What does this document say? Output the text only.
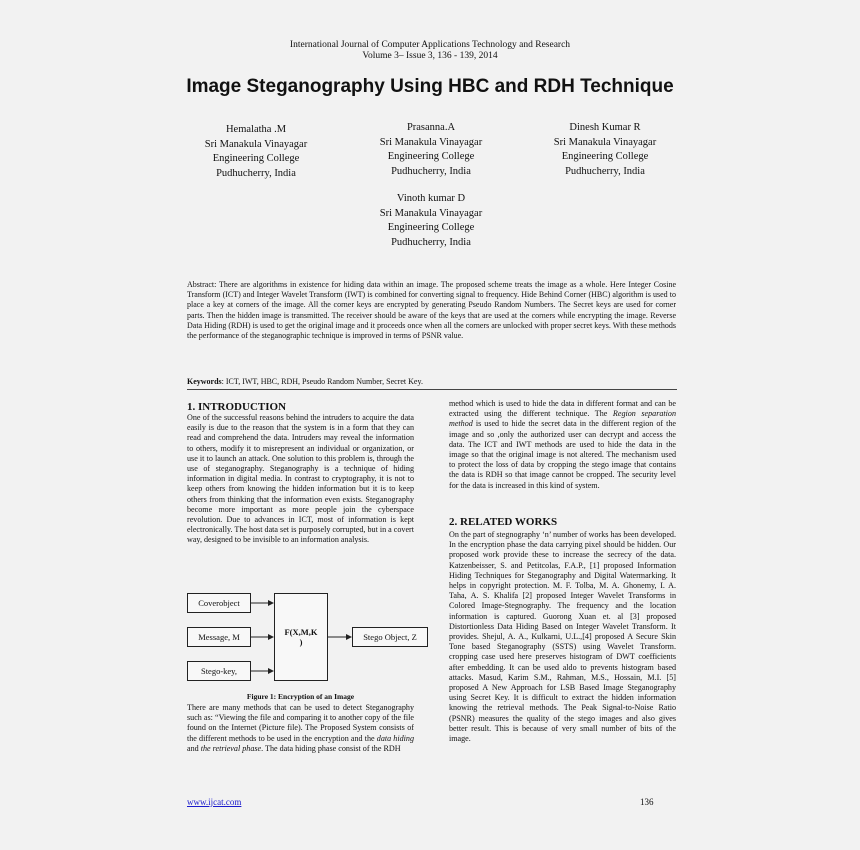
International Journal of Computer Applications Technology and Research
Volume 3– Issue 3, 136 - 139, 2014
Image Steganography Using HBC and RDH Technique
Hemalatha .M
Sri Manakula Vinayagar
Engineering College
Pudhucherry, India
Prasanna.A
Sri Manakula Vinayagar
Engineering College
Pudhucherry, India
Dinesh Kumar R
Sri Manakula Vinayagar
Engineering College
Pudhucherry, India
Vinoth kumar D
Sri Manakula Vinayagar
Engineering College
Pudhucherry, India
Abstract: There are algorithms in existence for hiding data within an image. The proposed scheme treats the image as a whole. Here Integer Cosine Transform (ICT) and Integer Wavelet Transform (IWT) is combined for converting signal to frequency. Hide Behind Corner (HBC) algorithm is used to place a key at corners of the image. All the corner keys are encrypted by generating Pseudo Random Numbers. The Secret keys are used for corner parts. Then the hidden image is transmitted. The receiver should be aware of the keys that are used at the corners while encrypting the image. Reverse Data Hiding (RDH) is used to get the original image and it proceeds once when all the corners are unlocked with proper secret keys. With these methods the performance of the steganographic technique is improved in terms of PSNR value.
Keywords: ICT, IWT, HBC, RDH, Pseudo Random Number, Secret Key.
1. INTRODUCTION
One of the successful reasons behind the intruders to acquire the data easily is due to the reason that the system is in a form that they can read and comprehend the data. Intruders may reveal the information to others, modify it to misrepresent an individual or organization, or use it to launch an attack. One solution to this problem is, through the use of steganography. Steganography is a technique of hiding information in digital media. In contrast to cryptography, it is not to keep others from knowing the hidden information but it is to keep others from thinking that the information even exists. Steganography become more important as more people join the cyberspace revolution. Due to advances in ICT, most of information is kept electronically. The host data set is purposely corrupted, but in a covert way, designed to be invisible to an information analysis.
Coverobject
Message, M
Stego-key,
F(X,M,K
)	Stego Object, Z
Figure 1: Encryption of an Image
There are many methods that can be used to detect Steganography such as: “Viewing the file and comparing it to another copy of the file found on the Internet (Picture file). The Proposed System consists of the different methods to be used in the encryption and the data hiding and the retrieval phase. The data hiding phase consist of the RDH
method which is used to hide the data in different format and can be extracted using the different technique. The Region separation method is used to hide the secret data in the different region of the image and so ,only the authorized user can decrypt and access the data. The ICT and IWT methods are used to hide the data in the image so that the original image is not altered. The mechanism used to protect the loss of data by cropping the stego image that contains the data is RDH so that image cannot be cropped. The security level for the data is increased in this kind of system.
2. RELATED WORKS
On the part of stegnography ‘n’ number of works has been developed. In the encryption phase the data carrying pixel should be hidden. Our proposed work provide these to increase the secrecy of the data. Katzenbeisser, S. and Petitcolas, F.A.P., [1] proposed Information Hiding Techniques for Steganography and Digital Watermarking. It helps in copyright protection. M. F. Tolba, M. A. Ghonemy, I. A. Taha, A. S. Khalifa [2] proposed Integer Wavelet Transforms in Colored Image-Stegnography. The frequency and the location information is captured. Guorong Xuan et. al [3] proposed Distortionless Data Hiding Based on Integer Wavelet Transform. It provides. Shejul, A. A., Kulkarni, U.L.,[4] proposed A Secure Skin Tone based Steganography (SSTS) using Wavelet Transform. cropping case used here preserves histogram of DWT coefficients after embedding. It can be used aldo to prevents histogram based attacks. Masud, Karim S.M., Rahman, M.S., Hossain, M.I. [5] proposed A New Approach for LSB Based Image Steganography using Secret Key. It is difficult to extract the hidden information knowing the retrieval methods. The Peak Signal-to-Noise Ratio (PSNR) measures the quality of the stego images and also gives better result. This is because of very small number of bits of the image.
www.ijcat.com	136
